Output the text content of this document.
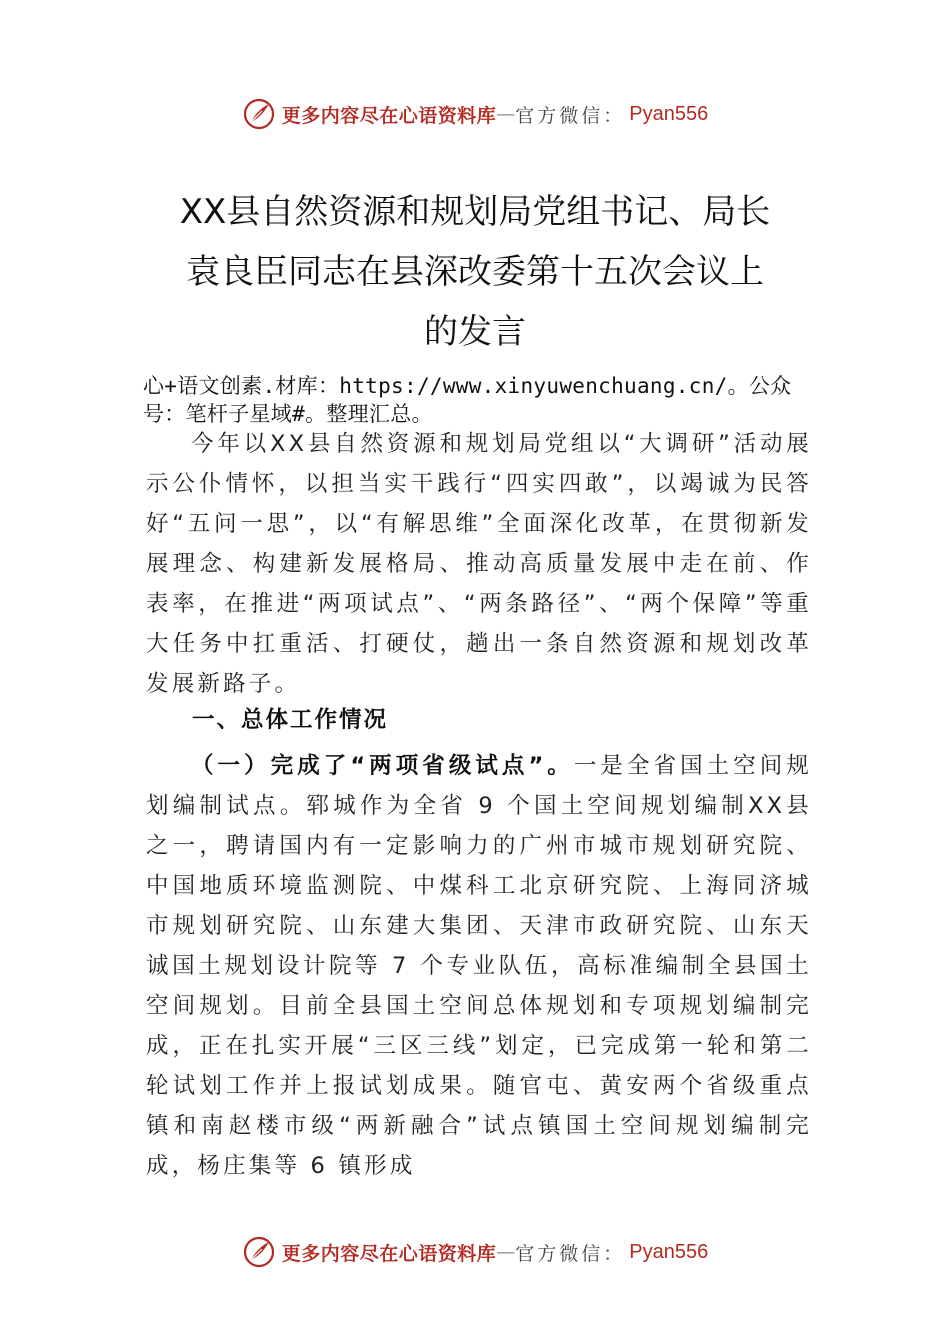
更多内容尽在心语资料库 — 官方微信： Pyan556
XX县自然资源和规划局党组书记、局长
袁良臣同志在县深改委第十五次会议上
的发言
心+语文创素.材库：https://www.xinyuwenchuang.cn/。公众号：笔杆子星域#。整理汇总。
今年以XX县自然资源和规划局党组以“大调研”活动展示公仆情怀，以担当实干践行“四实四敢”，以竭诚为民答好“五问一思”，以“有解思维”全面深化改革，在贯彻新发展理念、构建新发展格局、推动高质量发展中走在前、作表率，在推进“两项试点”、“两条路径”、“两个保障”等重大任务中扛重活、打硬仗，趟出一条自然资源和规划改革发展新路子。
一、总体工作情况
（一）完成了“两项省级试点”。一是全省国土空间规划编制试点。郓城作为全省 9 个国土空间规划编制XX县之一，聘请国内有一定影响力的广州市城市规划研究院、中国地质环境监测院、中煤科工北京研究院、上海同济城市规划研究院、山东建大集团、天津市政研究院、山东天诚国土规划设计院等 7 个专业队伍，高标准编制全县国土空间规划。目前全县国土空间总体规划和专项规划编制完成，正在扎实开展“三区三线”划定，已完成第一轮和第二轮试划工作并上报试划成果。随官屯、黄安两个省级重点镇和南赵楼市级“两新融合”试点镇国土空间规划编制完成，杨庄集等 6 镇形成
更多内容尽在心语资料库 — 官方微信： Pyan556
